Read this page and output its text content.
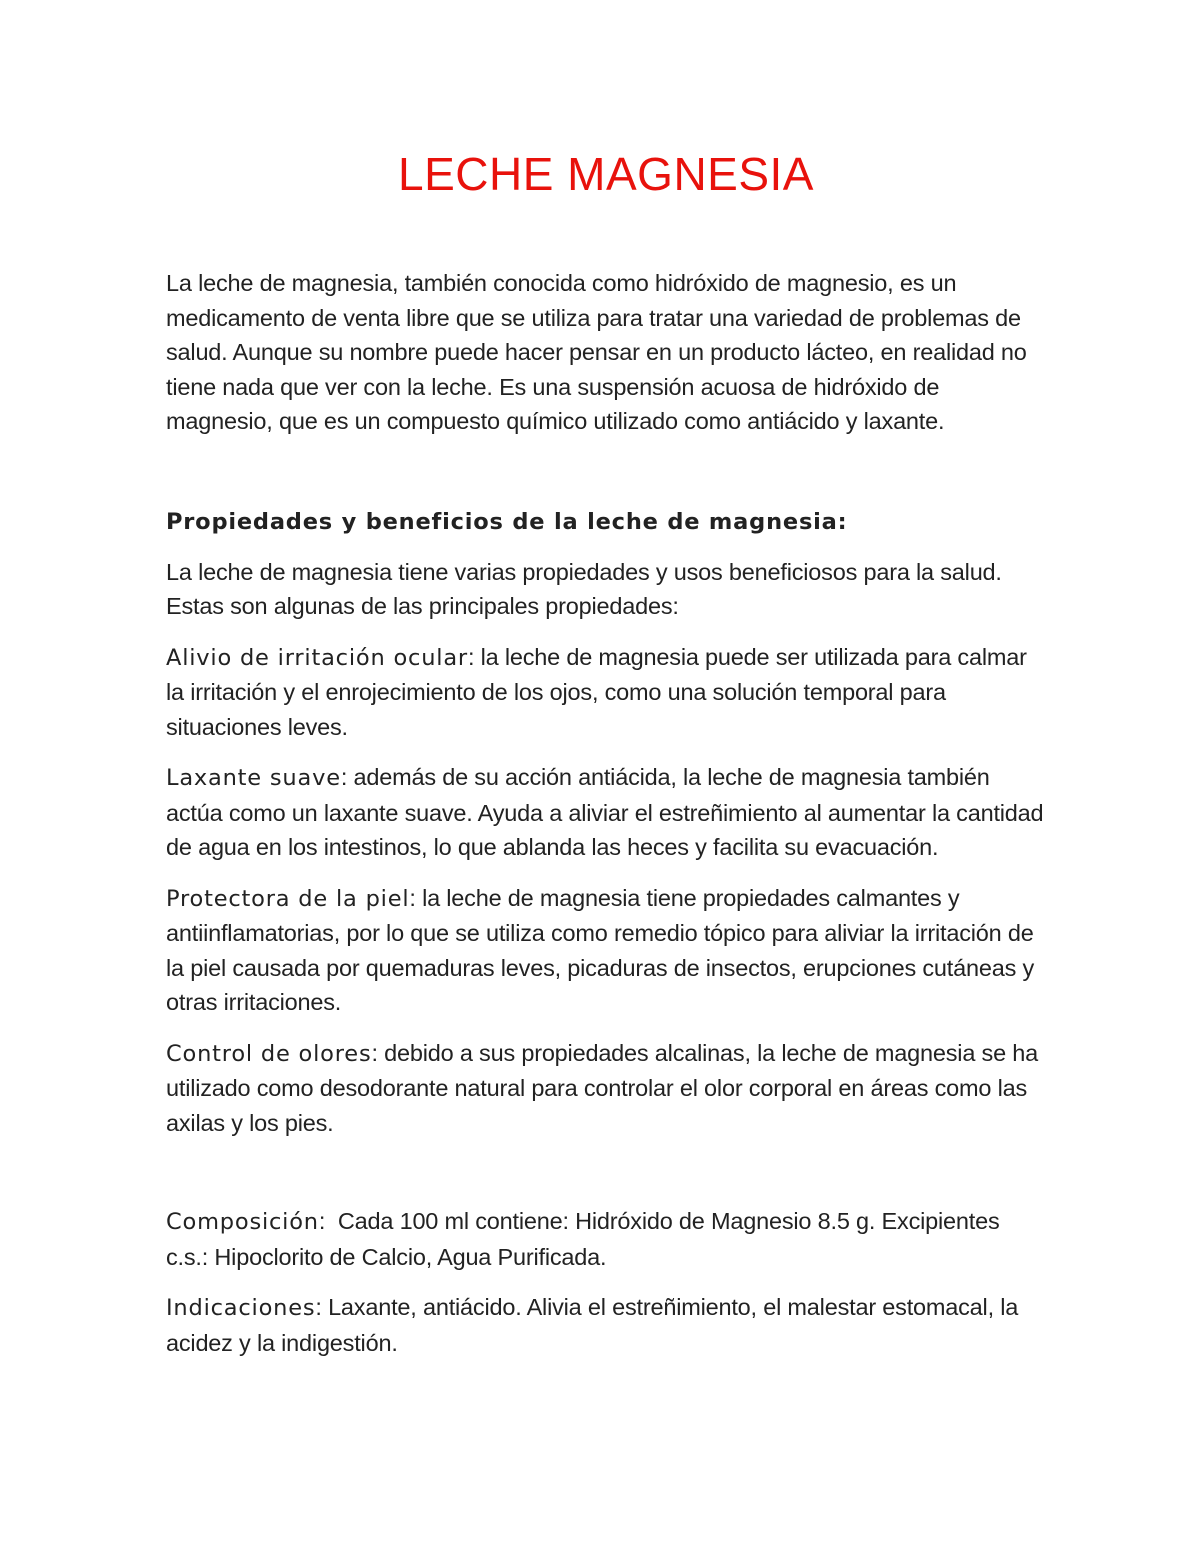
LECHE MAGNESIA

La leche de magnesia, también conocida como hidróxido de magnesio, es un medicamento de venta libre que se utiliza para tratar una variedad de problemas de salud. Aunque su nombre puede hacer pensar en un producto lácteo, en realidad no tiene nada que ver con la leche. Es una suspensión acuosa de hidróxido de magnesio, que es un compuesto químico utilizado como antiácido y laxante.

Propiedades y beneficios de la leche de magnesia:

La leche de magnesia tiene varias propiedades y usos beneficiosos para la salud. Estas son algunas de las principales propiedades:

Alivio de irritación ocular: la leche de magnesia puede ser utilizada para calmar la irritación y el enrojecimiento de los ojos, como una solución temporal para situaciones leves.

Laxante suave: además de su acción antiácida, la leche de magnesia también actúa como un laxante suave. Ayuda a aliviar el estreñimiento al aumentar la cantidad de agua en los intestinos, lo que ablanda las heces y facilita su evacuación.

Protectora de la piel: la leche de magnesia tiene propiedades calmantes y antiinflamatorias, por lo que se utiliza como remedio tópico para aliviar la irritación de la piel causada por quemaduras leves, picaduras de insectos, erupciones cutáneas y otras irritaciones.

Control de olores: debido a sus propiedades alcalinas, la leche de magnesia se ha utilizado como desodorante natural para controlar el olor corporal en áreas como las axilas y los pies.

Composición:  Cada 100 ml contiene: Hidróxido de Magnesio 8.5 g. Excipientes c.s.: Hipoclorito de Calcio, Agua Purificada.

Indicaciones: Laxante, antiácido. Alivia el estreñimiento, el malestar estomacal, la acidez y la indigestión.
